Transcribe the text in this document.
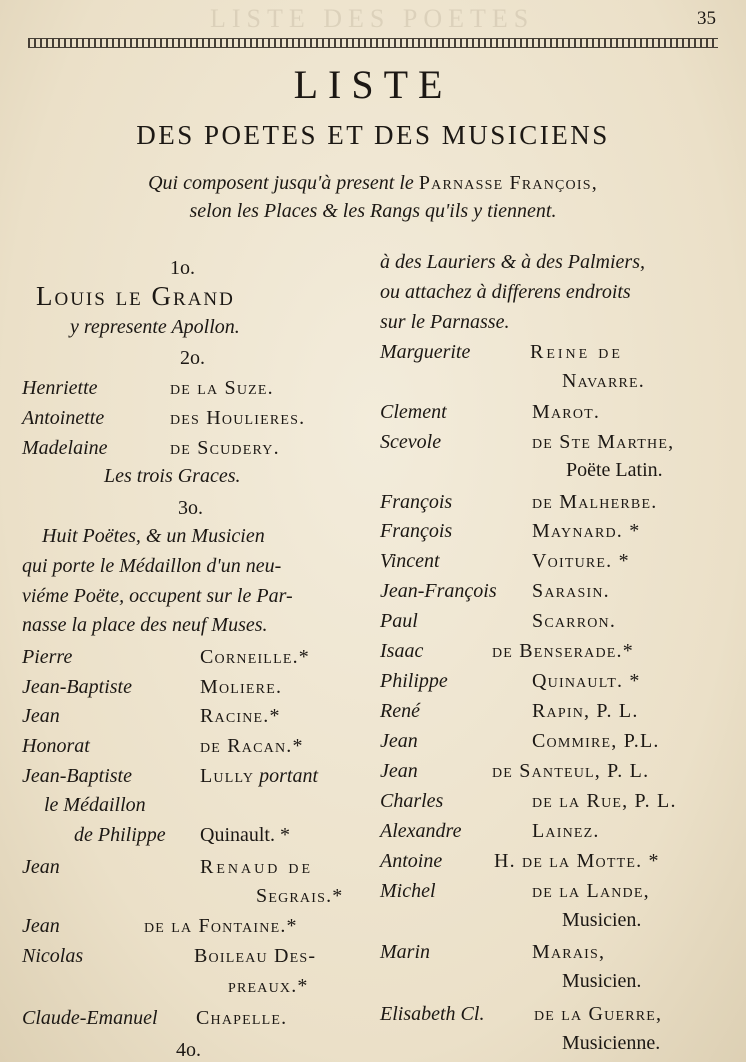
LISTE DES POETES	35
LISTE
DES POETES ET DES MUSICIENS
Qui composent jusqu'à present le Parnasse François,
selon les Places & les Rangs qu'ils y tiennent.
1o.
Louis le Grand
y represente Apollon.
2o.
Henriette	de la Suze.
Antoinette	des Houlieres.
Madelaine	de Scudery.
Les trois Graces.
3o.
Huit Poëtes, & un Musicien
qui porte le Médaillon d'un neu-
viéme Poëte, occupent sur le Par-
nasse la place des neuf Muses.
Pierre	Corneille.*
Jean-Baptiste	Moliere.
Jean	Racine.*
Honorat	de Racan.*
Jean-Baptiste	Lully portant
le Médaillon
de Philippe Quinault. *
Jean	Renaud de
Segrais.*
Jean	de la Fontaine.*
Nicolas	Boileau Des-
preaux.*
Claude-Emanuel Chapelle.
4o.
à des Lauriers & à des Palmiers,
ou attachez à differens endroits
sur le Parnasse.
Marguerite	Reine de
Navarre.
Clement	Marot.
Scevole	de Ste Marthe,
Poëte Latin.
François	de Malherbe.
François	Maynard. *
Vincent	Voiture. *
Jean-François Sarasin.
Paul	Scarron.
Isaac	de Benserade.*
Philippe	Quinault. *
René	Rapin, P. L.
Jean	Commire, P.L.
Jean	de Santeul, P. L.
Charles	de la Rue, P. L.
Alexandre	Lainez.
Antoine	H. de la Motte. *
Michel	de la Lande,
Musicien.
Marin	Marais,
Musicien.
Elisabeth Cl. de la Guerre,
Musicienne.
